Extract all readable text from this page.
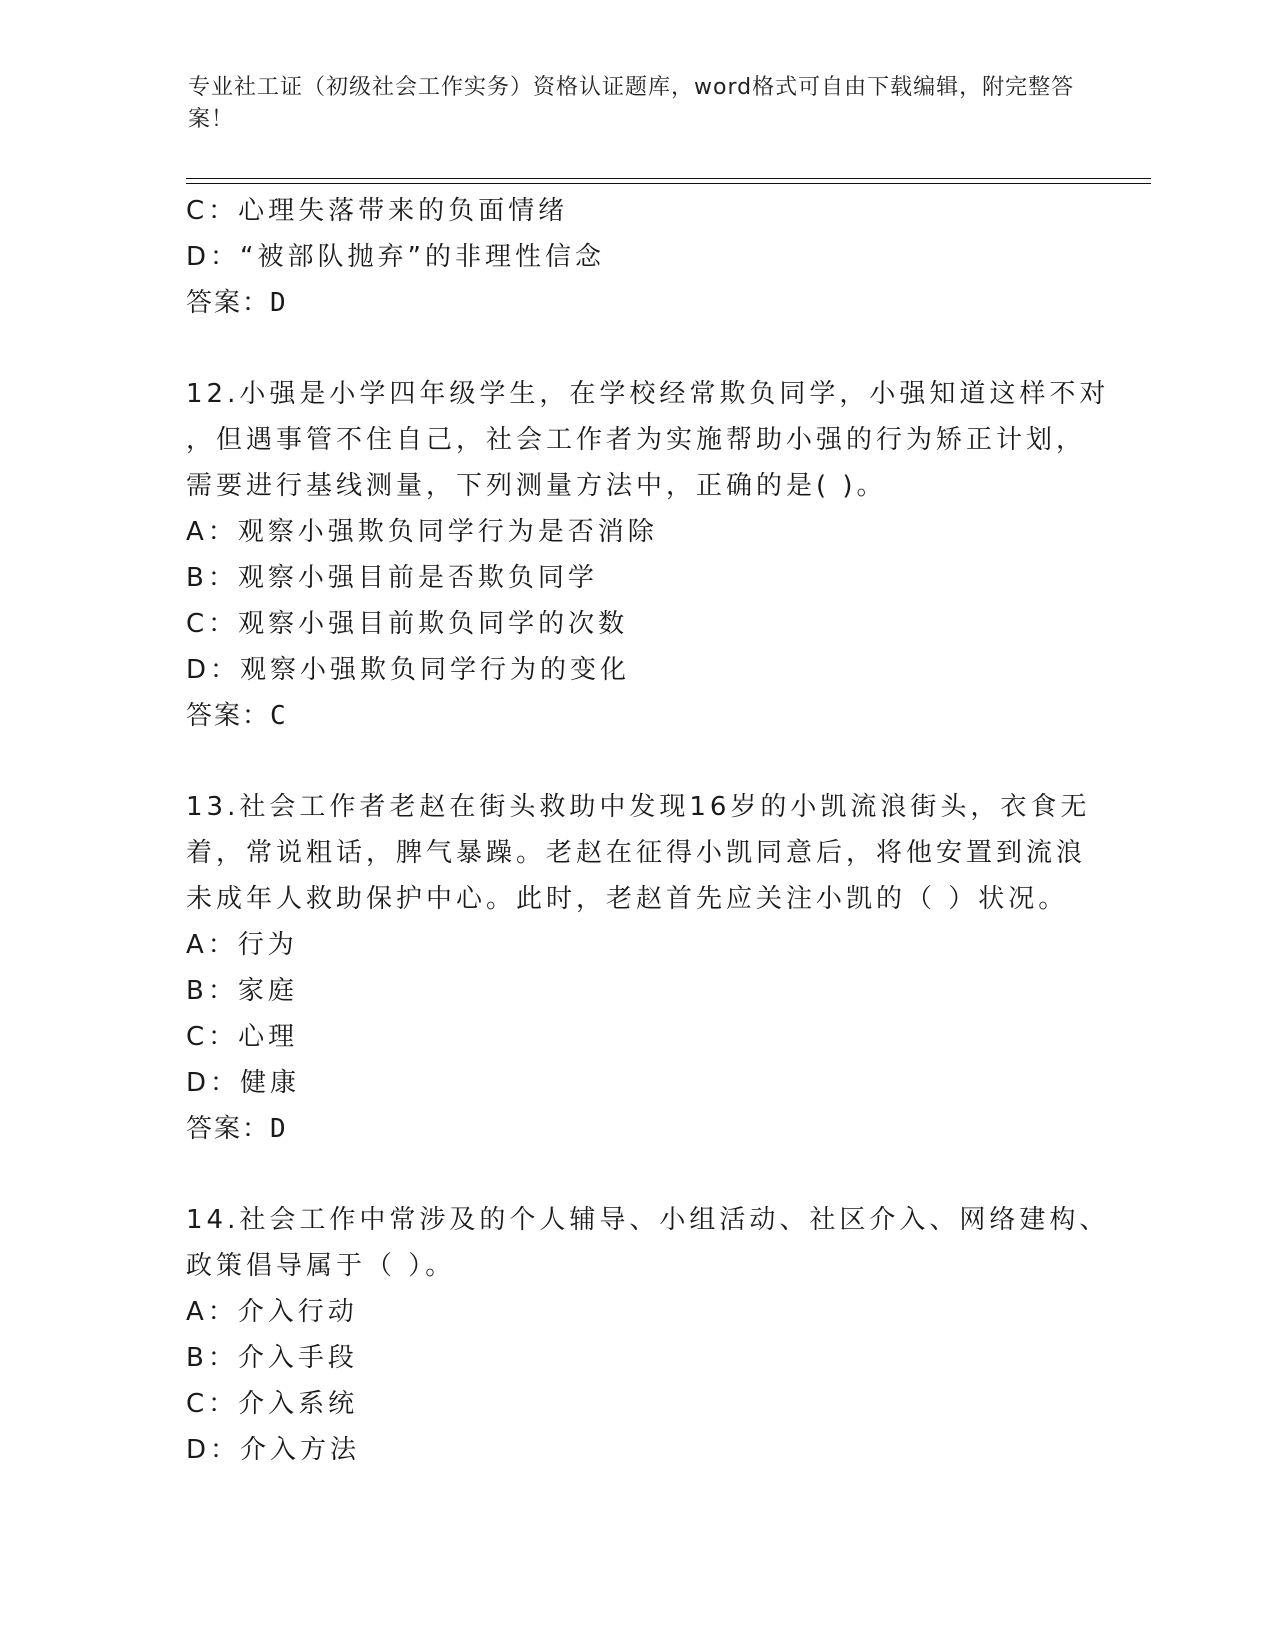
专业社工证（初级社会工作实务）资格认证题库，word格式可自由下载编辑，附完整答案！
C：心理失落带来的负面情绪
D：“被部队抛弃”的非理性信念
答案：D
12.小强是小学四年级学生，在学校经常欺负同学，小强知道这样不对
，但遇事管不住自己，社会工作者为实施帮助小强的行为矫正计划，
需要进行基线测量，下列测量方法中，正确的是( )。
A：观察小强欺负同学行为是否消除
B：观察小强目前是否欺负同学
C：观察小强目前欺负同学的次数
D：观察小强欺负同学行为的变化
答案：C
13.社会工作者老赵在街头救助中发现16岁的小凯流浪街头，衣食无
着，常说粗话，脾气暴躁。老赵在征得小凯同意后，将他安置到流浪
未成年人救助保护中心。此时，老赵首先应关注小凯的（ ）状况。
A：行为
B：家庭
C：心理
D：健康
答案：D
14.社会工作中常涉及的个人辅导、小组活动、社区介入、网络建构、
政策倡导属于（ ）。
A：介入行动
B：介入手段
C：介入系统
D：介入方法
